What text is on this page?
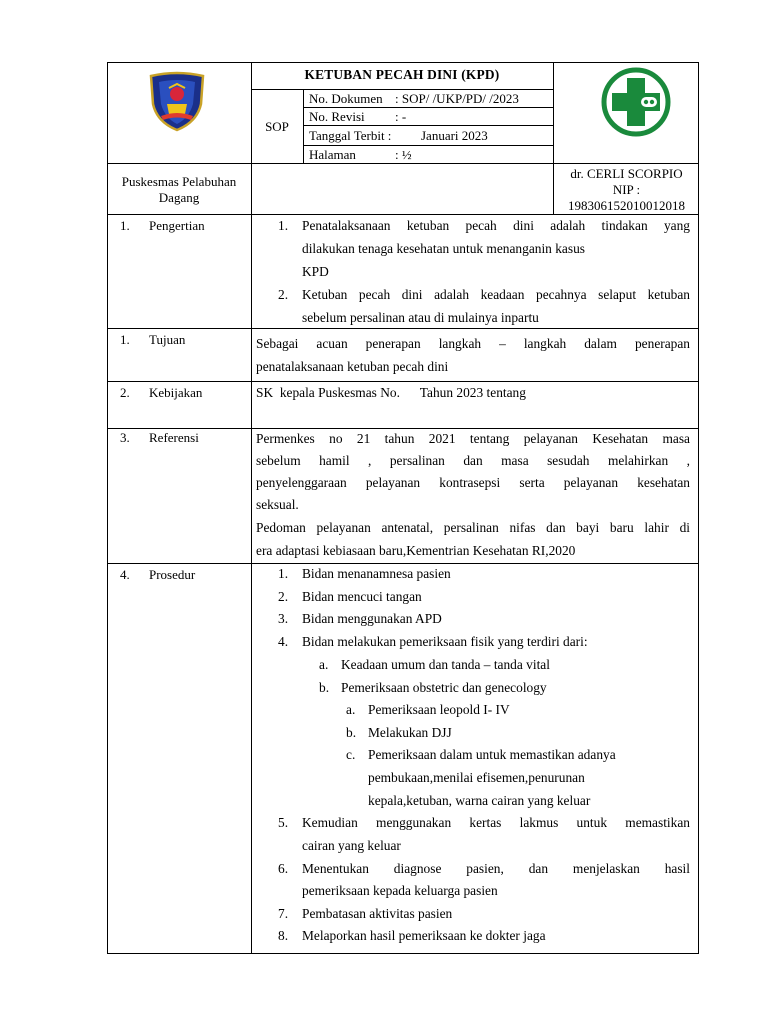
KETUBAN PECAH DINI (KPD)
SOP
No. Dokumen : SOP/ /UKP/PD/ /2023
No. Revisi : -
Tanggal Terbit : Januari 2023
Halaman	: ½
Puskesmas Pelabuhan
Dagang
dr. CERLI SCORPIO
NIP :
198306152010012018
1. Pengertian	1. Penatalaksanaan ketuban pecah dini adalah tindakan yang
dilakukan tenaga kesehatan untuk menanganin kasus
KPD
2. Ketuban pecah dini adalah keadaan pecahnya selaput ketuban
sebelum persalinan atau di mulainya inpartu
1. Tujuan	Sebagai acuan penerapan langkah – langkah dalam penerapan
penatalaksanaan ketuban pecah dini
2. Kebijakan	SK  kepala Puskesmas No.      Tahun 2023 tentang
3. Referensi	Permenkes no 21 tahun 2021 tentang pelayanan Kesehatan masa
sebelum hamil , persalinan dan masa sesudah melahirkan ,
penyelenggaraan pelayanan kontrasepsi serta pelayanan kesehatan
seksual.
Pedoman pelayanan antenatal, persalinan nifas dan bayi baru lahir di
era adaptasi kebiasaan baru,Kementrian Kesehatan RI,2020
4. Prosedur	1. Bidan menanamnesa pasien
2. Bidan mencuci tangan
3. Bidan menggunakan APD
4. Bidan melakukan pemeriksaan fisik yang terdiri dari:
a. Keadaan umum dan tanda – tanda vital
b. Pemeriksaan obstetric dan genecology
a. Pemeriksaan leopold I- IV
b. Melakukan DJJ
c. Pemeriksaan dalam untuk memastikan adanya
pembukaan,menilai efisemen,penurunan
kepala,ketuban, warna cairan yang keluar
5. Kemudian menggunakan kertas lakmus untuk memastikan
cairan yang keluar
6. Menentukan diagnose pasien, dan menjelaskan hasil
pemeriksaan kepada keluarga pasien
7. Pembatasan aktivitas pasien
8. Melaporkan hasil pemeriksaan ke dokter jaga
